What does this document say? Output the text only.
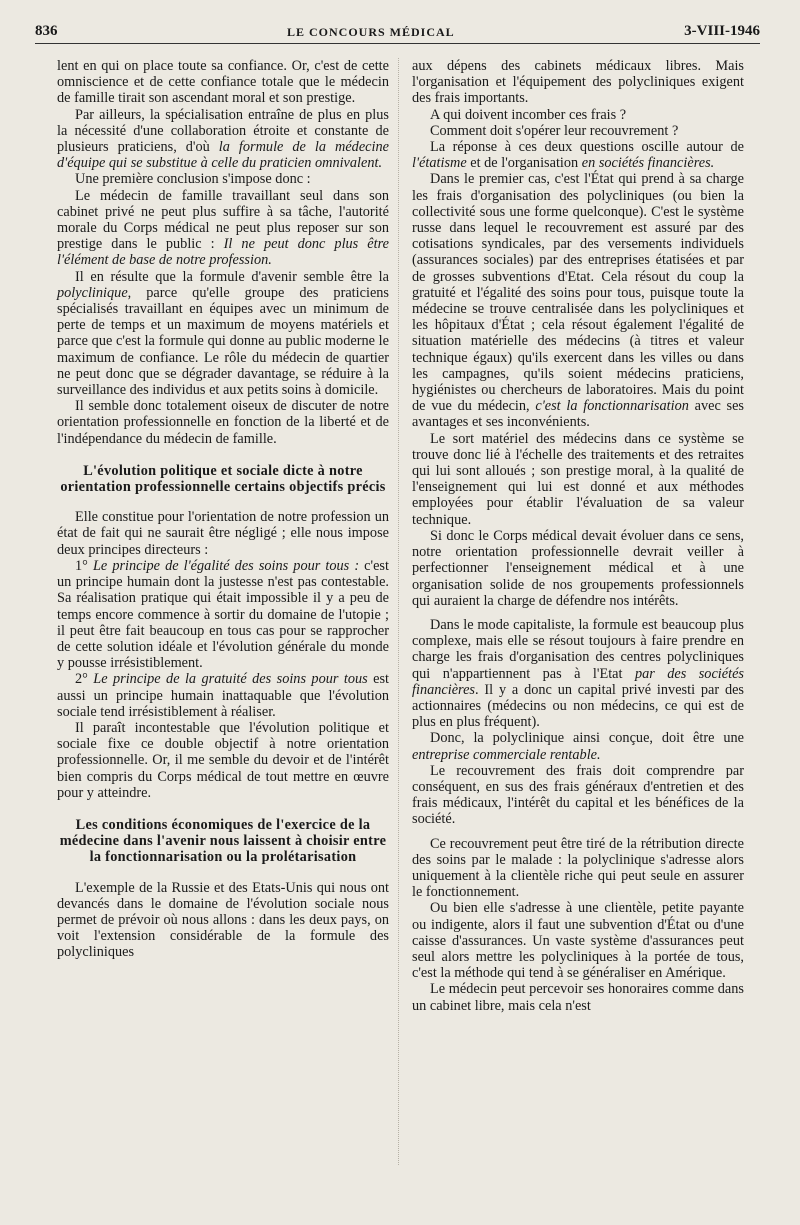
836	LE CONCOURS MÉDICAL	3-VIII-1946

lent en qui on place toute sa confiance. Or, c'est de cette omniscience et de cette confiance totale que le médecin de famille tirait son ascendant moral et son prestige.

Par ailleurs, la spécialisation entraîne de plus en plus la nécessité d'une collaboration étroite et constante de plusieurs praticiens, d'où la formule de la médecine d'équipe qui se substitue à celle du praticien omnivalent.

Une première conclusion s'impose donc :

Le médecin de famille travaillant seul dans son cabinet privé ne peut plus suffire à sa tâche, l'autorité morale du Corps médical ne peut plus reposer sur son prestige dans le public : Il ne peut donc plus être l'élément de base de notre profession.

Il en résulte que la formule d'avenir semble être la polyclinique, parce qu'elle groupe des praticiens spécialisés travaillant en équipes avec un minimum de perte de temps et un maximum de moyens matériels et parce que c'est la formule qui donne au public moderne le maximum de confiance. Le rôle du médecin de quartier ne peut donc que se dégrader davantage, se réduire à la surveillance des individus et aux petits soins à domicile.

Il semble donc totalement oiseux de discuter de notre orientation professionnelle en fonction de la liberté et de l'indépendance du médecin de famille.

L'évolution politique et sociale dicte à notre orientation professionnelle certains objectifs précis

Elle constitue pour l'orientation de notre profession un état de fait qui ne saurait être négligé ; elle nous impose deux principes directeurs :

1° Le principe de l'égalité des soins pour tous : c'est un principe humain dont la justesse n'est pas contestable. Sa réalisation pratique qui était impossible il y a peu de temps encore commence à sortir du domaine de l'utopie ; il peut être fait beaucoup en tous cas pour se rapprocher de cette solution idéale et l'évolution générale du monde y pousse irrésistiblement.

2° Le principe de la gratuité des soins pour tous est aussi un principe humain inattaquable que l'évolution sociale tend irrésistiblement à réaliser.

Il paraît incontestable que l'évolution politique et sociale fixe ce double objectif à notre orientation professionnelle. Or, il me semble du devoir et de l'intérêt bien compris du Corps médical de tout mettre en œuvre pour y atteindre.

Les conditions économiques de l'exercice de la médecine dans l'avenir nous laissent à choisir entre la fonctionnarisation ou la prolétarisation

L'exemple de la Russie et des Etats-Unis qui nous ont devancés dans le domaine de l'évolution sociale nous permet de prévoir où nous allons : dans les deux pays, on voit l'extension considérable de la formule des polycliniques

aux dépens des cabinets médicaux libres. Mais l'organisation et l'équipement des polycliniques exigent des frais importants.

A qui doivent incomber ces frais ?

Comment doit s'opérer leur recouvrement ?

La réponse à ces deux questions oscille autour de l'étatisme et de l'organisation en sociétés financières.

Dans le premier cas, c'est l'État qui prend à sa charge les frais d'organisation des polycliniques (ou bien la collectivité sous une forme quelconque). C'est le système russe dans lequel le recouvrement est assuré par des cotisations syndicales, par des versements individuels (assurances sociales) par des entreprises étatisées et par de grosses subventions d'Etat. Cela résout du coup la gratuité et l'égalité des soins pour tous, puisque toute la médecine se trouve centralisée dans les polycliniques et les hôpitaux d'État ; cela résout également l'égalité de situation matérielle des médecins (à titres et valeur technique égaux) qu'ils exercent dans les villes ou dans les campagnes, qu'ils soient médecins praticiens, hygiénistes ou chercheurs de laboratoires. Mais du point de vue du médecin, c'est la fonctionnarisation avec ses avantages et ses inconvénients.

Le sort matériel des médecins dans ce système se trouve donc lié à l'échelle des traitements et des retraites qui lui sont alloués ; son prestige moral, à la qualité de l'enseignement qui lui est donné et aux méthodes employées pour établir l'évaluation de sa valeur technique.

Si donc le Corps médical devait évoluer dans ce sens, notre orientation professionnelle devrait veiller à perfectionner l'enseignement médical et à une organisation solide de nos groupements professionnels qui auraient la charge de défendre nos intérêts.

Dans le mode capitaliste, la formule est beaucoup plus complexe, mais elle se résout toujours à faire prendre en charge les frais d'organisation des centres polycliniques qui n'appartiennent pas à l'Etat par des sociétés financières. Il y a donc un capital privé investi par des actionnaires (médecins ou non médecins, ce qui est de plus en plus fréquent).

Donc, la polyclinique ainsi conçue, doit être une entreprise commerciale rentable.

Le recouvrement des frais doit comprendre par conséquent, en sus des frais généraux d'entretien et des frais médicaux, l'intérêt du capital et les bénéfices de la société.

Ce recouvrement peut être tiré de la rétribution directe des soins par le malade : la polyclinique s'adresse alors uniquement à la clientèle riche qui peut seule en assurer le fonctionnement.

Ou bien elle s'adresse à une clientèle, petite payante ou indigente, alors il faut une subvention d'État ou d'une caisse d'assurances. Un vaste système d'assurances peut seul alors mettre les polycliniques à la portée de tous, c'est la méthode qui tend à se généraliser en Amérique.

Le médecin peut percevoir ses honoraires comme dans un cabinet libre, mais cela n'est
